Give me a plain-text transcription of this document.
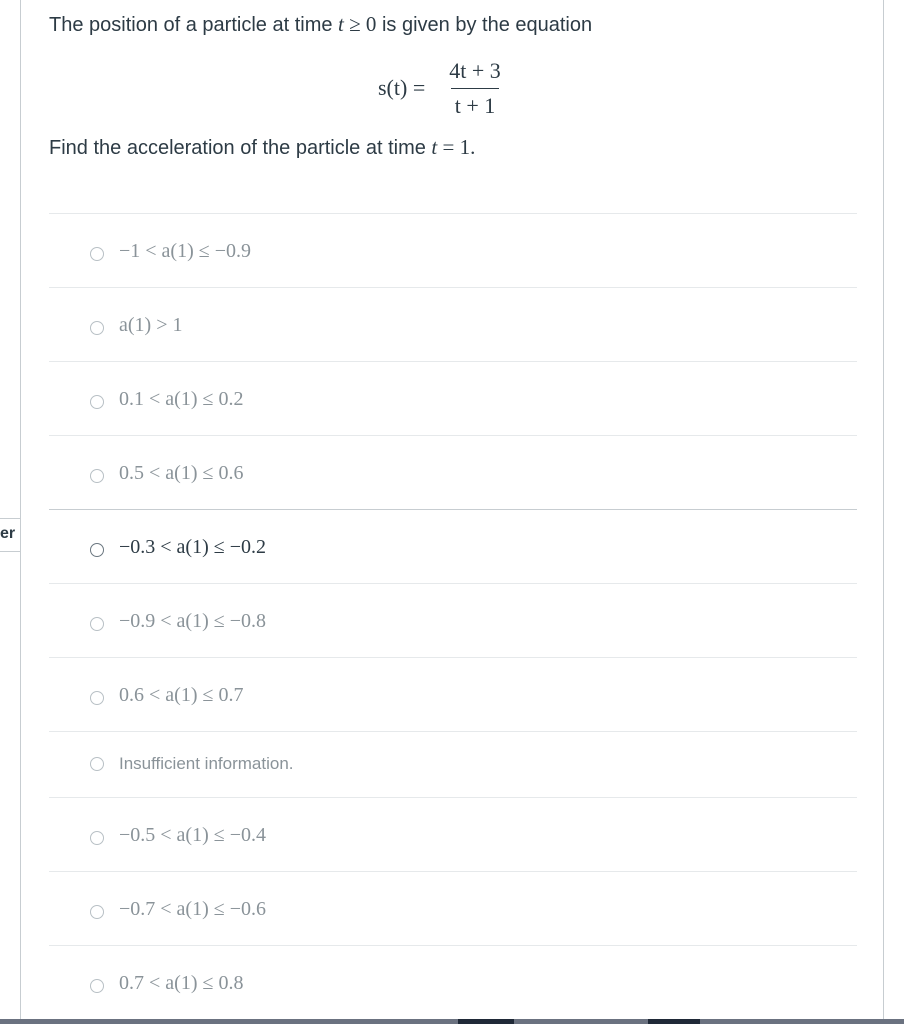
er
The position of a particle at time t ≥ 0 is given by the equation
$s(t) = \frac{4t + 3}{t + 1}$
Find the acceleration of the particle at time t = 1.
−1 < a(1) ≤ −0.9
a(1) > 1
0.1 < a(1) ≤ 0.2
0.5 < a(1) ≤ 0.6
−0.3 < a(1) ≤ −0.2
−0.9 < a(1) ≤ −0.8
0.6 < a(1) ≤ 0.7
Insufficient information.
−0.5 < a(1) ≤ −0.4
−0.7 < a(1) ≤ −0.6
0.7 < a(1) ≤ 0.8
